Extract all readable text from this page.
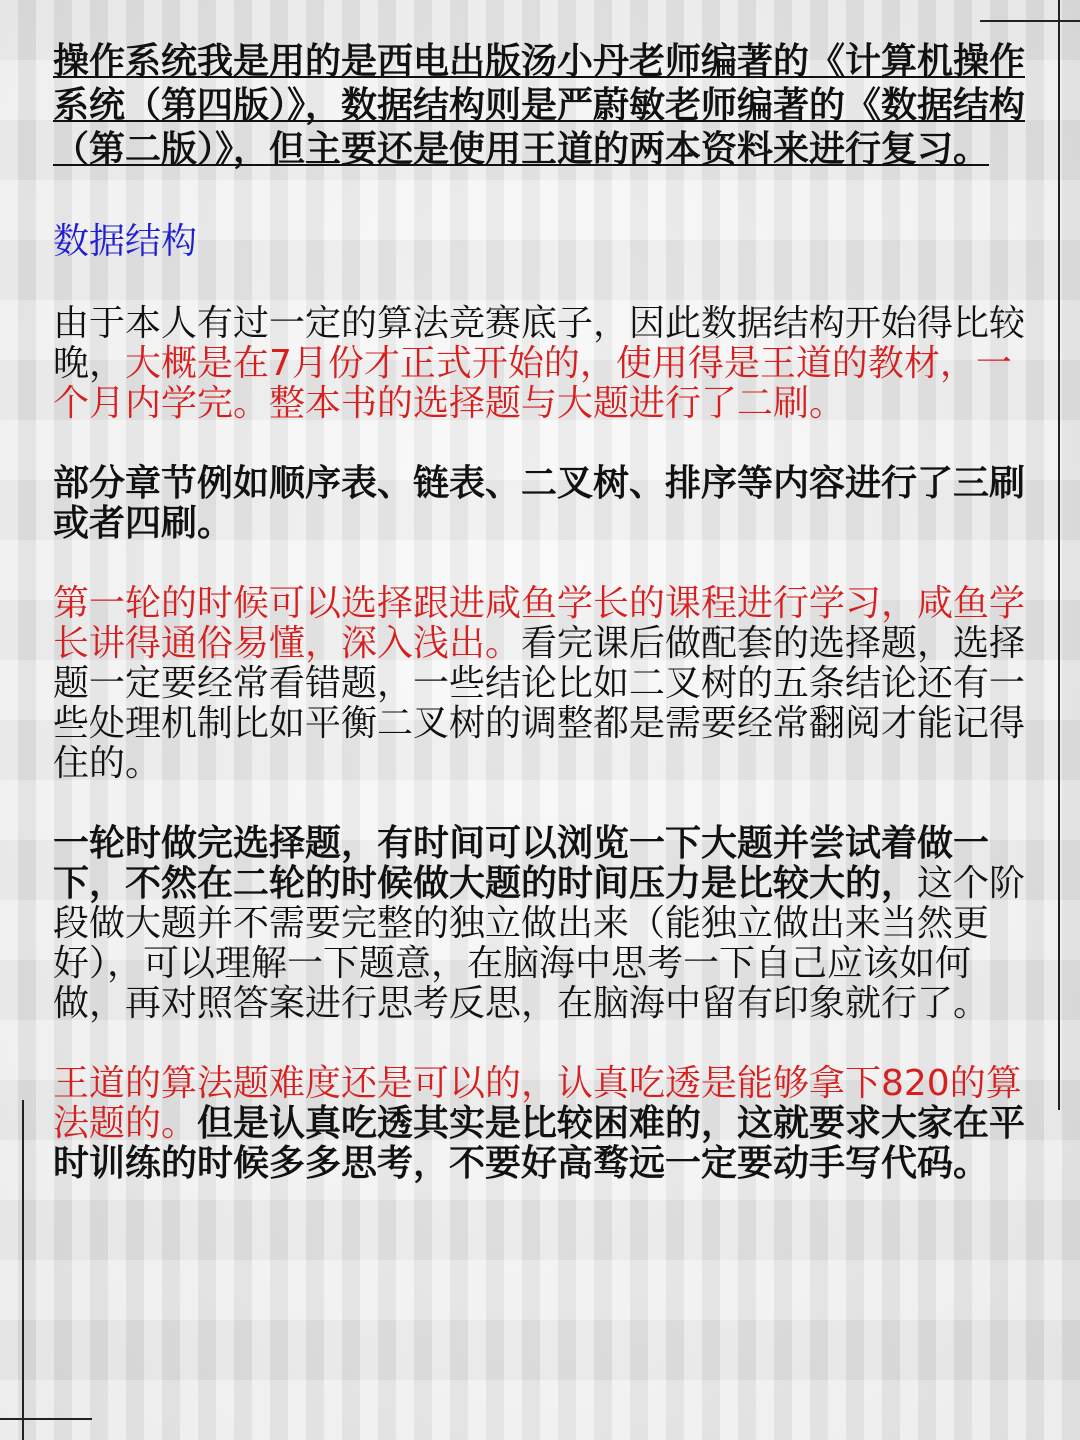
操作系统我是用的是西电出版汤小丹老师编著的《计算机操作系统（第四版）》，数据结构则是严蔚敏老师编著的《数据结构（第二版）》，但主要还是使用王道的两本资料来进行复习。

数据结构

由于本人有过一定的算法竞赛底子，因此数据结构开始得比较晚，大概是在7月份才正式开始的，使用得是王道的教材，一个月内学完。整本书的选择题与大题进行了二刷。

部分章节例如顺序表、链表、二叉树、排序等内容进行了三刷或者四刷。

第一轮的时候可以选择跟进咸鱼学长的课程进行学习，咸鱼学长讲得通俗易懂，深入浅出。看完课后做配套的选择题，选择题一定要经常看错题，一些结论比如二叉树的五条结论还有一些处理机制比如平衡二叉树的调整都是需要经常翻阅才能记得住的。

一轮时做完选择题，有时间可以浏览一下大题并尝试着做一下，不然在二轮的时候做大题的时间压力是比较大的，这个阶段做大题并不需要完整的独立做出来（能独立做出来当然更好），可以理解一下题意，在脑海中思考一下自己应该如何做，再对照答案进行思考反思，在脑海中留有印象就行了。

王道的算法题难度还是可以的，认真吃透是能够拿下820的算法题的。但是认真吃透其实是比较困难的，这就要求大家在平时训练的时候多多思考，不要好高骛远一定要动手写代码。
